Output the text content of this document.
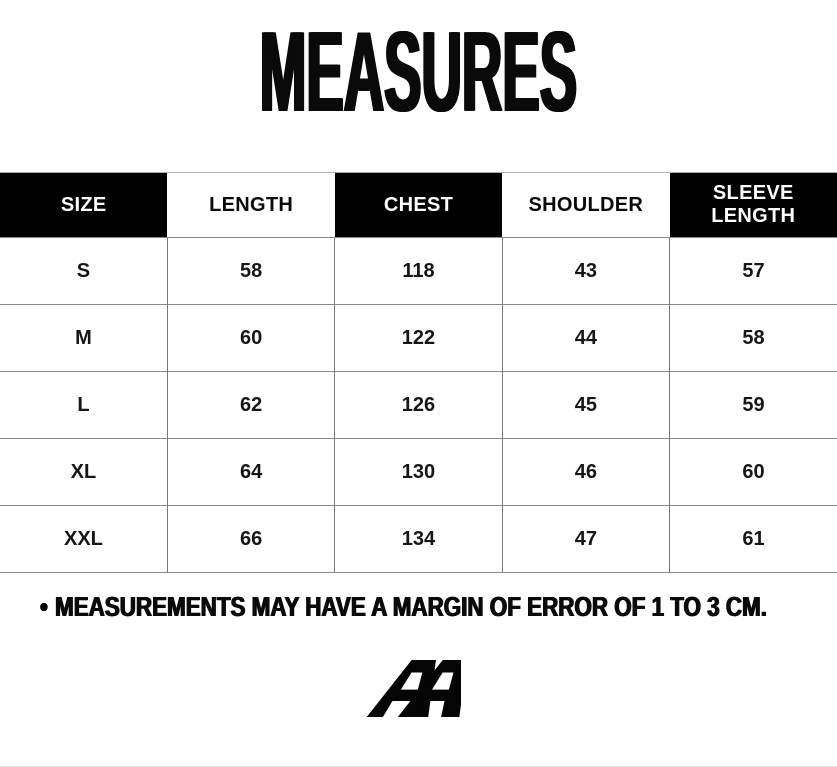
MEASURES
SIZE	LENGTH	CHEST	SHOULDER	SLEEVE LENGTH
S	58	118	43	57
M	60	122	44	58
L	62	126	45	59
XL	64	130	46	60
XXL	66	134	47	61
• MEASUREMENTS MAY HAVE A MARGIN OF ERROR OF 1 TO 3 CM.
